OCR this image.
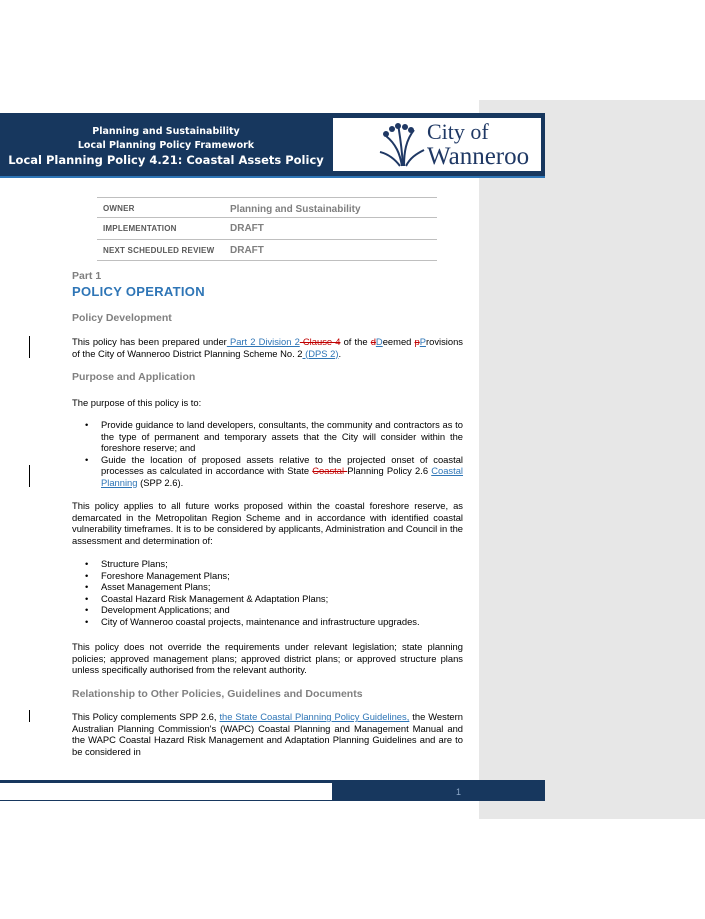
Planning and Sustainability
Local Planning Policy Framework
Local Planning Policy 4.21: Coastal Assets Policy
City of
Wanneroo
OWNER	Planning and Sustainability
IMPLEMENTATION	DRAFT
NEXT SCHEDULED REVIEW DRAFT
Part 1
POLICY OPERATION
Policy Development
This policy has been prepared under Part 2 Division 2 Clause 4 of the dDeemed pProvisions of the City of Wanneroo District Planning Scheme No. 2 (DPS 2).
Purpose and Application
The purpose of this policy is to:
• Provide guidance to land developers, consultants, the community and contractors as to the type of permanent and temporary assets that the City will consider within the foreshore reserve; and
• Guide the location of proposed assets relative to the projected onset of coastal processes as calculated in accordance with State Coastal Planning Policy 2.6 Coastal Planning (SPP 2.6).
This policy applies to all future works proposed within the coastal foreshore reserve, as demarcated in the Metropolitan Region Scheme and in accordance with identified coastal vulnerability timeframes. It is to be considered by applicants, Administration and Council in the assessment and determination of:
• Structure Plans;
• Foreshore Management Plans;
• Asset Management Plans;
• Coastal Hazard Risk Management & Adaptation Plans;
• Development Applications; and
• City of Wanneroo coastal projects, maintenance and infrastructure upgrades.
This policy does not override the requirements under relevant legislation; state planning policies; approved management plans; approved district plans; or approved structure plans unless specifically authorised from the relevant authority.
Relationship to Other Policies, Guidelines and Documents
This Policy complements SPP 2.6, the State Coastal Planning Policy Guidelines, the Western Australian Planning Commission's (WAPC) Coastal Planning and Management Manual and the WAPC Coastal Hazard Risk Management and Adaptation Planning Guidelines and are to be considered in
1
